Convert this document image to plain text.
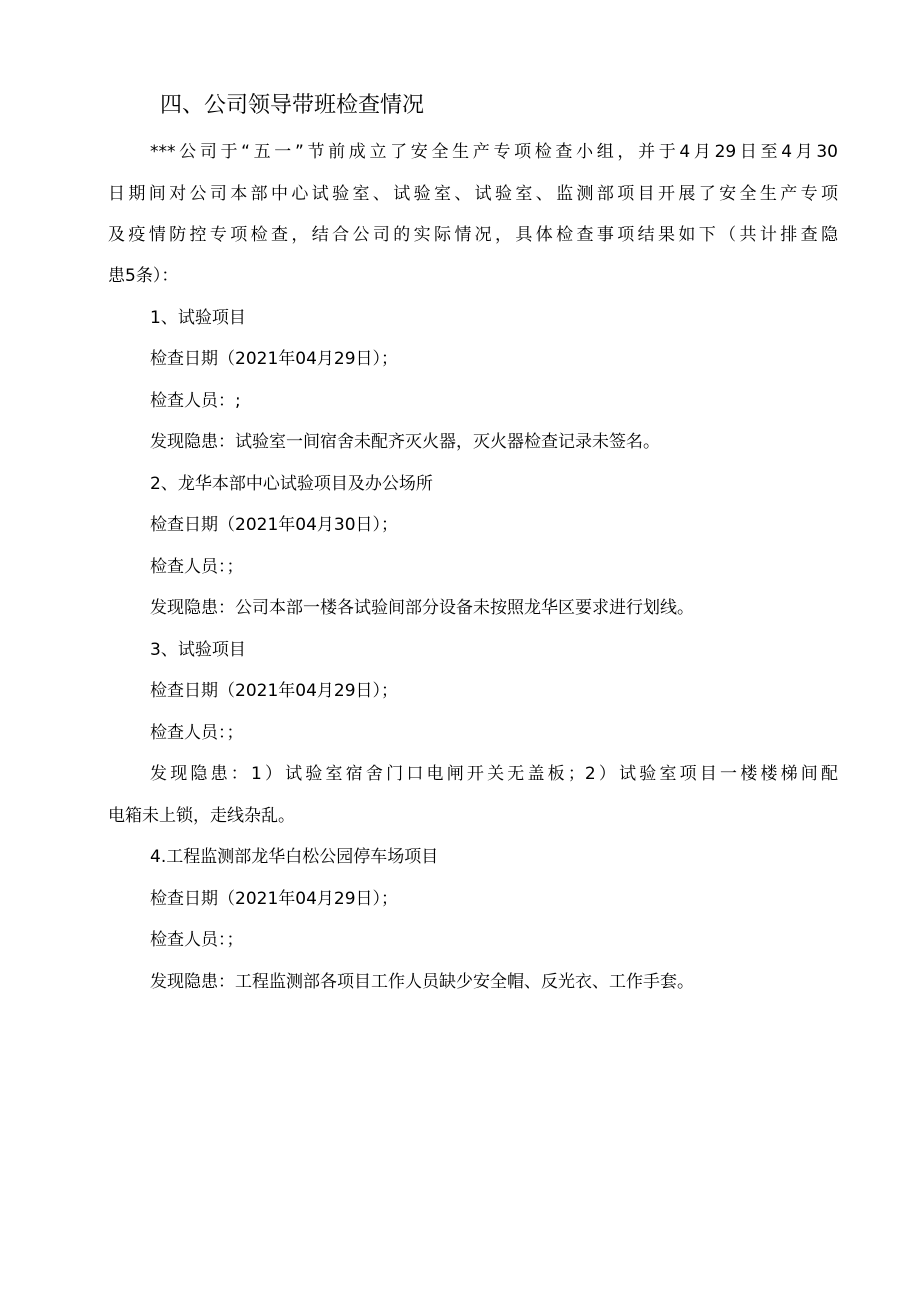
四、公司领导带班检查情况
***公司于“五一”节前成立了安全生产专项检查小组，并于4月29日至4月30
日期间对公司本部中心试验室、试验室、试验室、监测部项目开展了安全生产专项
及疫情防控专项检查，结合公司的实际情况，具体检查事项结果如下（共计排查隐
患5条）：
1、试验项目
检查日期（2021年04月29日）；
检查人员：;
发现隐患：试验室一间宿舍未配齐灭火器，灭火器检查记录未签名。
2、龙华本部中心试验项目及办公场所
检查日期（2021年04月30日）；
检查人员：；
发现隐患：公司本部一楼各试验间部分设备未按照龙华区要求进行划线。
3、试验项目
检查日期（2021年04月29日）；
检查人员：；
发现隐患：1）试验室宿舍门口电闸开关无盖板；2）试验室项目一楼楼梯间配
电箱未上锁，走线杂乱。
4.工程监测部龙华白松公园停车场项目
检查日期（2021年04月29日）；
检查人员：；
发现隐患：工程监测部各项目工作人员缺少安全帽、反光衣、工作手套。
